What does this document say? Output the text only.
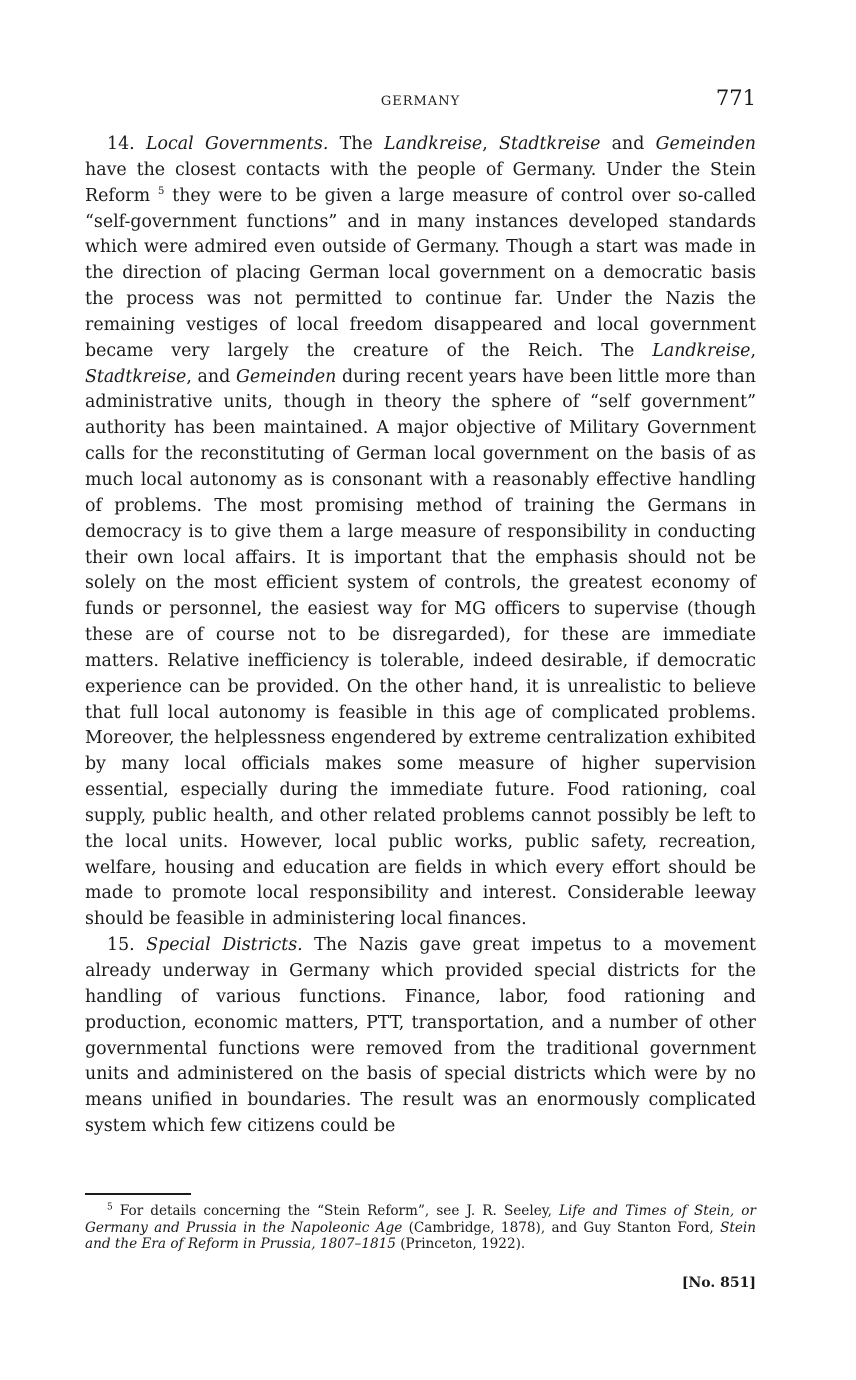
GERMANY	771

14. Local Governments. The Landkreise, Stadtkreise and Gemeinden have the closest contacts with the people of Germany. Under the Stein Reform $^5$ they were to be given a large measure of control over so-called “self-government functions” and in many instances developed standards which were admired even outside of Germany. Though a start was made in the direction of placing German local government on a democratic basis the process was not permitted to continue far. Under the Nazis the remaining vestiges of local freedom disappeared and local government became very largely the creature of the Reich. The Landkreise, Stadtkreise, and Gemeinden during recent years have been little more than administrative units, though in theory the sphere of “self government” authority has been maintained. A major objective of Military Government calls for the reconstituting of German local government on the basis of as much local autonomy as is consonant with a reasonably effective handling of problems. The most promising method of training the Germans in democracy is to give them a large measure of responsibility in conducting their own local affairs. It is important that the emphasis should not be solely on the most efficient system of controls, the greatest economy of funds or personnel, the easiest way for MG officers to supervise (though these are of course not to be disregarded), for these are immediate matters. Relative inefficiency is tolerable, indeed desirable, if democratic experience can be provided. On the other hand, it is unrealistic to believe that full local autonomy is feasible in this age of complicated problems. Moreover, the helplessness engendered by extreme centralization exhibited by many local officials makes some measure of higher supervision essential, especially during the immediate future. Food rationing, coal supply, public health, and other related problems cannot possibly be left to the local units. However, local public works, public safety, recreation, welfare, housing and education are fields in which every effort should be made to promote local responsibility and interest. Considerable leeway should be feasible in administering local finances.

15. Special Districts. The Nazis gave great impetus to a movement already underway in Germany which provided special districts for the handling of various functions. Finance, labor, food rationing and production, economic matters, PTT, transportation, and a number of other governmental functions were removed from the traditional government units and administered on the basis of special districts which were by no means unified in boundaries. The result was an enormously complicated system which few citizens could be

$^5$ For details concerning the “Stein Reform”, see J. R. Seeley, Life and Times of Stein, or Germany and Prussia in the Napoleonic Age (Cambridge, 1878), and Guy Stanton Ford, Stein and the Era of Reform in Prussia, 1807–1815 (Princeton, 1922).

[No. 851]
